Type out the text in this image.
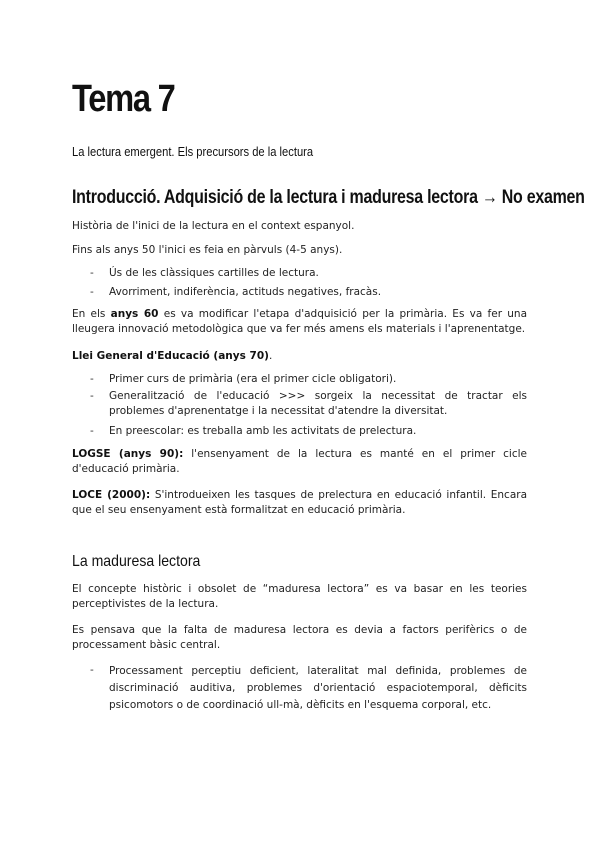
Tema 7
La lectura emergent. Els precursors de la lectura
Introducció. Adquisició de la lectura i maduresa lectora → No examen

Història de l'inici de la lectura en el context espanyol.

Fins als anys 50 l'inici es feia en pàrvuls (4-5 anys).

- Ús de les clàssiques cartilles de lectura.

- Avorriment, indiferència, actituds negatives, fracàs.

En els anys 60 es va modificar l'etapa d'adquisició per la primària. Es va fer una lleugera innovació metodològica que va fer més amens els materials i l'aprenentatge.

Llei General d'Educació (anys 70).

- Primer curs de primària (era el primer cicle obligatori).

- Generalització de l'educació >>> sorgeix la necessitat de tractar els problemes d'aprenentatge i la necessitat d'atendre la diversitat.

- En preescolar: es treballa amb les activitats de prelectura.

LOGSE (anys 90): l'ensenyament de la lectura es manté en el primer cicle d'educació primària.

LOCE (2000): S'introdueixen les tasques de prelectura en educació infantil. Encara que el seu ensenyament està formalitzat en educació primària.

La maduresa lectora

El concepte històric i obsolet de “maduresa lectora” es va basar en les teories perceptivistes de la lectura.

Es pensava que la falta de maduresa lectora es devia a factors perifèrics o de processament bàsic central.

- Processament perceptiu deficient, lateralitat mal definida, problemes de discriminació auditiva, problemes d'orientació espaciotemporal, dèficits psicomotors o de coordinació ull-mà, dèficits en l'esquema corporal, etc.
